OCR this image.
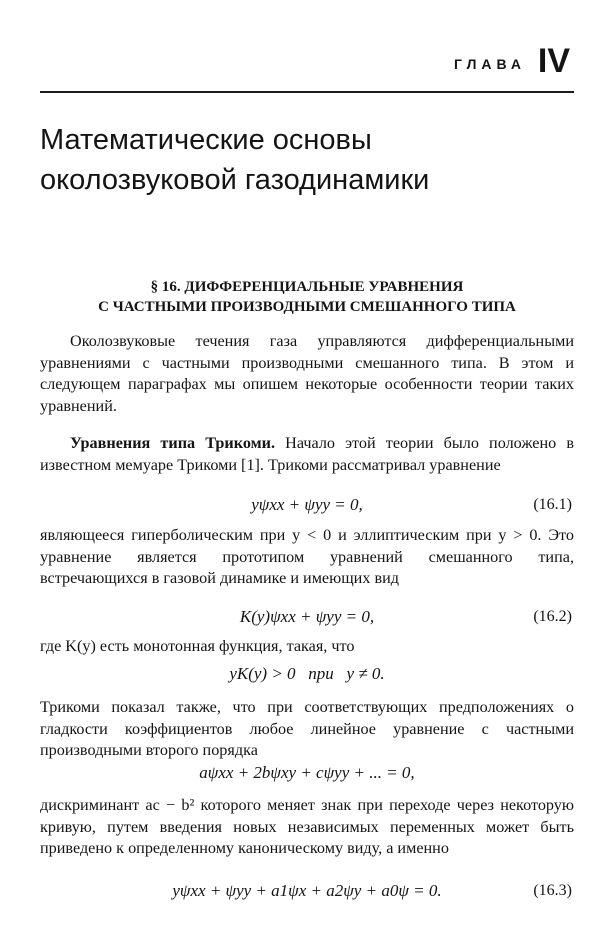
ГЛАВА IV
Математические основы
околозвуковой газодинамики
§ 16. ДИФФЕРЕНЦИАЛЬНЫЕ УРАВНЕНИЯ
С ЧАСТНЫМИ ПРОИЗВОДНЫМИ СМЕШАННОГО ТИПА

Околозвуковые течения газа управляются дифференциальными уравнениями с частными производными смешанного типа. В этом и следующем параграфах мы опишем некоторые особенности теории таких уравнений.

Уравнения типа Трикоми. Начало этой теории было положено в известном мемуаре Трикоми [1]. Трикоми рассматривал уравнение

yψxx + ψyy = 0,	(16.1)

являющееся гиперболическим при y < 0 и эллиптическим при y > 0. Это уравнение является прототипом уравнений смешанного типа, встречающихся в газовой динамике и имеющих вид

K(y)ψxx + ψyy = 0,	(16.2)

где K(y) есть монотонная функция, такая, что

yK(y) > 0   при   y ≠ 0.

Трикоми показал также, что при соответствующих предположениях о гладкости коэффициентов любое линейное уравнение с частными производными второго порядка

aψxx + 2bψxy + cψyy + ... = 0,

дискриминант ac − b² которого меняет знак при переходе через некоторую кривую, путем введения новых независимых переменных может быть приведено к определенному каноническому виду, а именно

yψxx + ψyy + a1ψx + a2ψy + a0ψ = 0.	(16.3)
